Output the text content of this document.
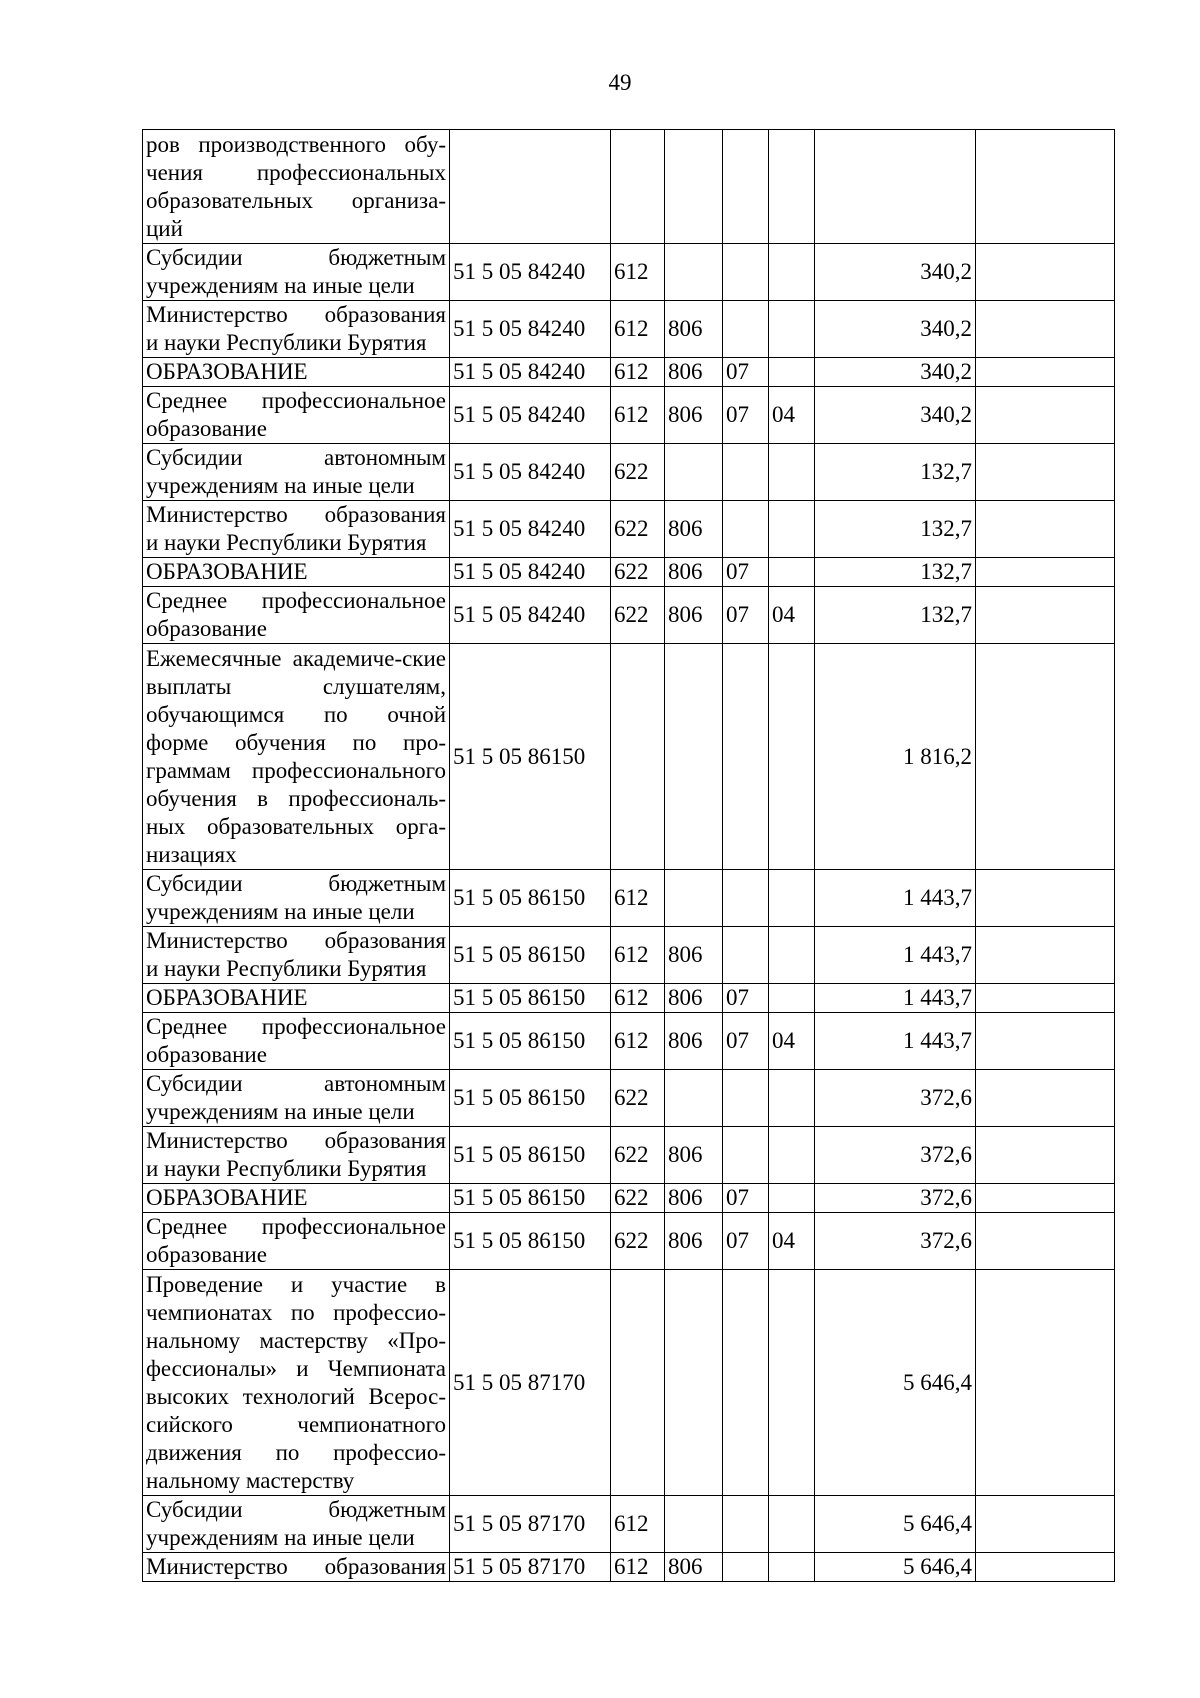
49
ров производственного обу-чения профессиональных образовательных организа-
ций							

Субсидии бюджетным
учреждениям на иные цели	51 5 05 84240	612				340,2	
Министерство образования
и науки Республики Бурятия	51 5 05 84240	612	806			340,2	

ОБРАЗОВАНИЕ	51 5 05 84240	612	806	07		340,2	
Среднее профессиональное
образование	51 5 05 84240	612	806	07	04	340,2	
Субсидии автономным
учреждениям на иные цели	51 5 05 84240	622				132,7	
Министерство образования
и науки Республики Бурятия	51 5 05 84240	622	806			132,7	

ОБРАЗОВАНИЕ	51 5 05 84240	622	806	07		132,7	
Среднее профессиональное
образование	51 5 05 84240	622	806	07	04	132,7	
Ежемесячные академиче-ские выплаты слушателям, обучающимся по очной форме обучения по про-граммам профессионального обучения в профессиональ-ных образовательных орга-
низациях	51 5 05 86150					1 816,2	
Субсидии бюджетным
учреждениям на иные цели	51 5 05 86150	612				1 443,7	
Министерство образования
и науки Республики Бурятия	51 5 05 86150	612	806			1 443,7	

ОБРАЗОВАНИЕ	51 5 05 86150	612	806	07		1 443,7	
Среднее профессиональное
образование	51 5 05 86150	612	806	07	04	1 443,7	
Субсидии автономным
учреждениям на иные цели	51 5 05 86150	622				372,6	
Министерство образования
и науки Республики Бурятия	51 5 05 86150	622	806			372,6	

ОБРАЗОВАНИЕ	51 5 05 86150	622	806	07		372,6	
Среднее профессиональное
образование	51 5 05 86150	622	806	07	04	372,6	
Проведение и участие в чемпионатах по профессио-нальному мастерству «Про-фессионалы» и Чемпионата высоких технологий Всерос-сийского чемпионатного движения по профессио-
нальному мастерству	51 5 05 87170					5 646,4	
Субсидии бюджетным
учреждениям на иные цели	51 5 05 87170	612				5 646,4	
Министерство образования	51 5 05 87170	612	806			5 646,4	
